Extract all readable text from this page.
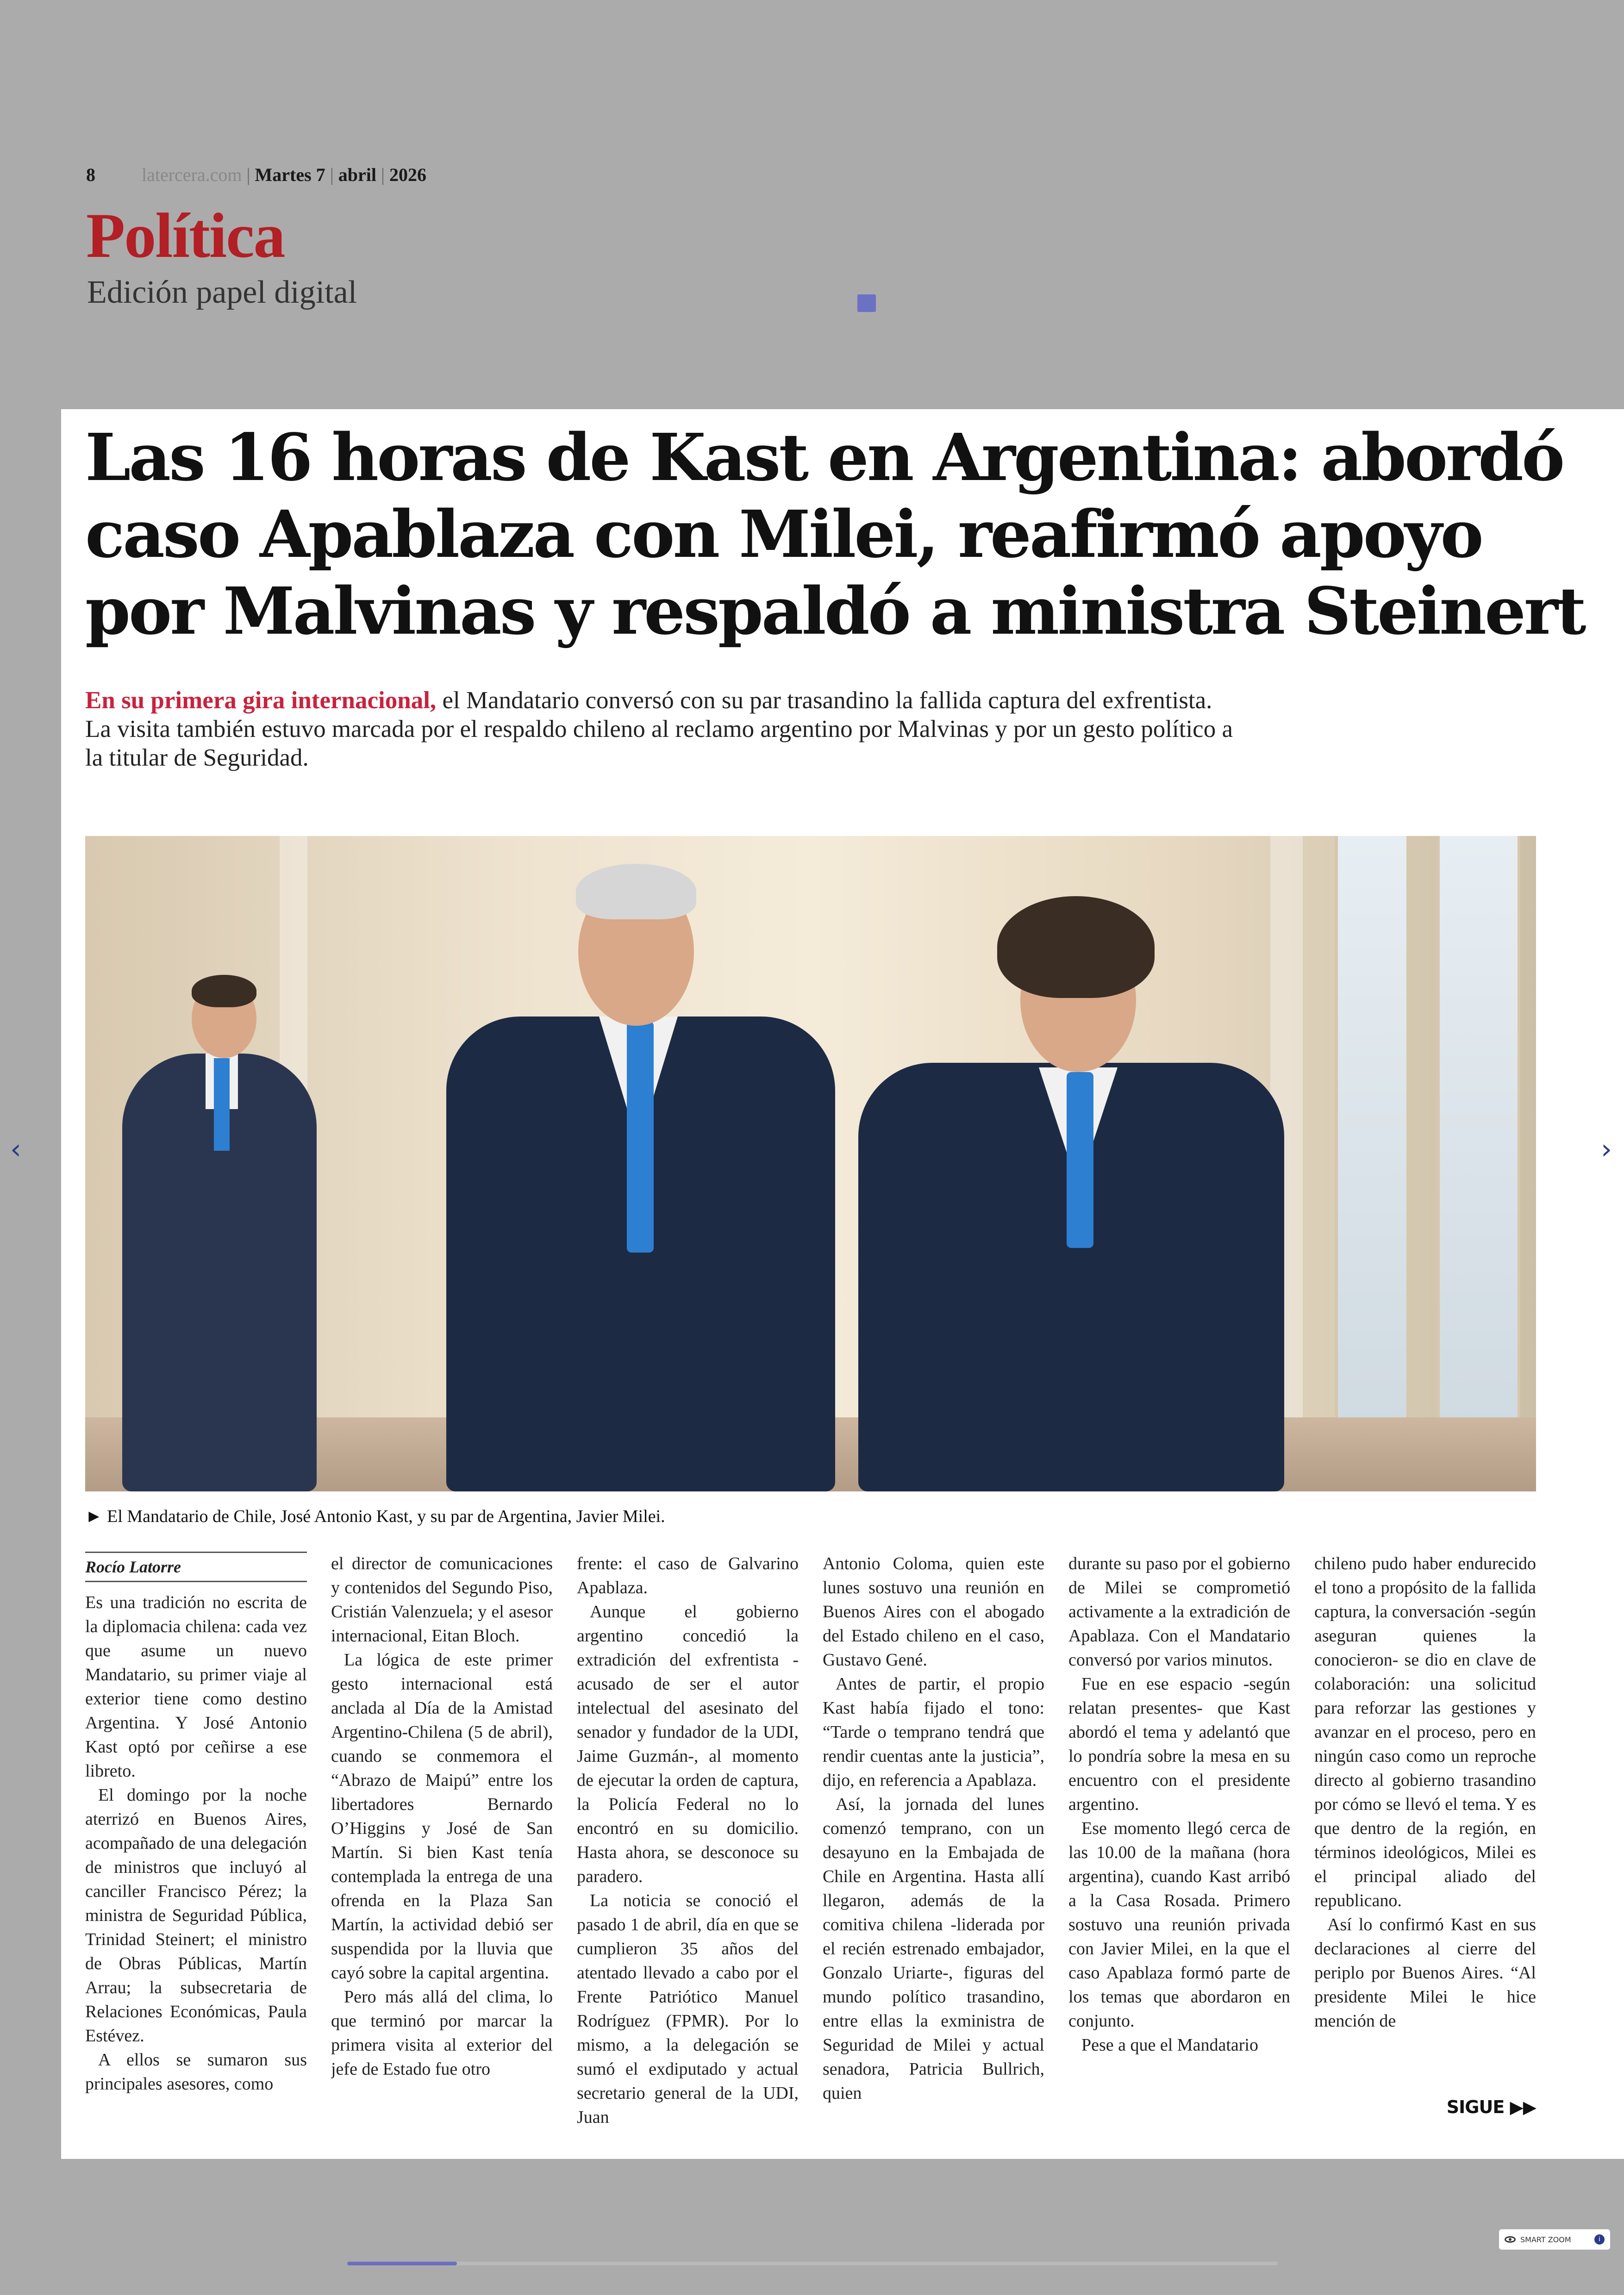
8	latercera.com | Martes 7 | abril | 2026
Política
Edición papel digital
Las 16 horas de Kast en Argentina: abordó caso Apablaza con Milei, reafirmó apoyo por Malvinas y respaldó a ministra Steinert

En su primera gira internacional, el Mandatario conversó con su par trasandino la fallida captura del exfrentista. La visita también estuvo marcada por el respaldo chileno al reclamo argentino por Malvinas y por un gesto político a la titular de Seguridad.

► El Mandatario de Chile, José Antonio Kast, y su par de Argentina, Javier Milei.
Rocío Latorre

Es una tradición no escrita de la diplomacia chilena: cada vez que asume un nuevo Mandatario, su primer viaje al exterior tiene como destino Argentina. Y José Antonio Kast optó por ceñirse a ese libreto.

El domingo por la noche aterrizó en Buenos Aires, acompañado de una delegación de ministros que incluyó al canciller Francisco Pérez; la ministra de Seguridad Pública, Trinidad Steinert; el ministro de Obras Públicas, Martín Arrau; la subsecretaria de Relaciones Económicas, Paula Estévez.

A ellos se sumaron sus principales asesores, como

el director de comunicaciones y contenidos del Segundo Piso, Cristián Valenzuela; y el asesor internacional, Eitan Bloch.

La lógica de este primer gesto internacional está anclada al Día de la Amistad Argentino-Chilena (5 de abril), cuando se conmemora el “Abrazo de Maipú” entre los libertadores Bernardo O’Higgins y José de San Martín. Si bien Kast tenía contemplada la entrega de una ofrenda en la Plaza San Martín, la actividad debió ser suspendida por la lluvia que cayó sobre la capital argentina.

Pero más allá del clima, lo que terminó por marcar la primera visita al exterior del jefe de Estado fue otro

frente: el caso de Galvarino Apablaza.

Aunque el gobierno argentino concedió la extradición del exfrentista -acusado de ser el autor intelectual del asesinato del senador y fundador de la UDI, Jaime Guzmán-, al momento de ejecutar la orden de captura, la Policía Federal no lo encontró en su domicilio. Hasta ahora, se desconoce su paradero.

La noticia se conoció el pasado 1 de abril, día en que se cumplieron 35 años del atentado llevado a cabo por el Frente Patriótico Manuel Rodríguez (FPMR). Por lo mismo, a la delegación se sumó el exdiputado y actual secretario general de la UDI, Juan

Antonio Coloma, quien este lunes sostuvo una reunión en Buenos Aires con el abogado del Estado chileno en el caso, Gustavo Gené.

Antes de partir, el propio Kast había fijado el tono: “Tarde o temprano tendrá que rendir cuentas ante la justicia”, dijo, en referencia a Apablaza.

Así, la jornada del lunes comenzó temprano, con un desayuno en la Embajada de Chile en Argentina. Hasta allí llegaron, además de la comitiva chilena -liderada por el recién estrenado embajador, Gonzalo Uriarte-, figuras del mundo político trasandino, entre ellas la exministra de Seguridad de Milei y actual senadora, Patricia Bullrich, quien

durante su paso por el gobierno de Milei se comprometió activamente a la extradición de Apablaza. Con el Mandatario conversó por varios minutos.

Fue en ese espacio -según relatan presentes- que Kast abordó el tema y adelantó que lo pondría sobre la mesa en su encuentro con el presidente argentino.

Ese momento llegó cerca de las 10.00 de la mañana (hora argentina), cuando Kast arribó a la Casa Rosada. Primero sostuvo una reunión privada con Javier Milei, en la que el caso Apablaza formó parte de los temas que abordaron en conjunto.

Pese a que el Mandatario

chileno pudo haber endurecido el tono a propósito de la fallida captura, la conversación -según aseguran quienes la conocieron- se dio en clave de colaboración: una solicitud para reforzar las gestiones y avanzar en el proceso, pero en ningún caso como un reproche directo al gobierno trasandino por cómo se llevó el tema. Y es que dentro de la región, en términos ideológicos, Milei es el principal aliado del republicano.

Así lo confirmó Kast en sus declaraciones al cierre del periplo por Buenos Aires. “Al presidente Milei le hice mención de

SIGUE ▶▶
‹	›
SMART ZOOM	i
